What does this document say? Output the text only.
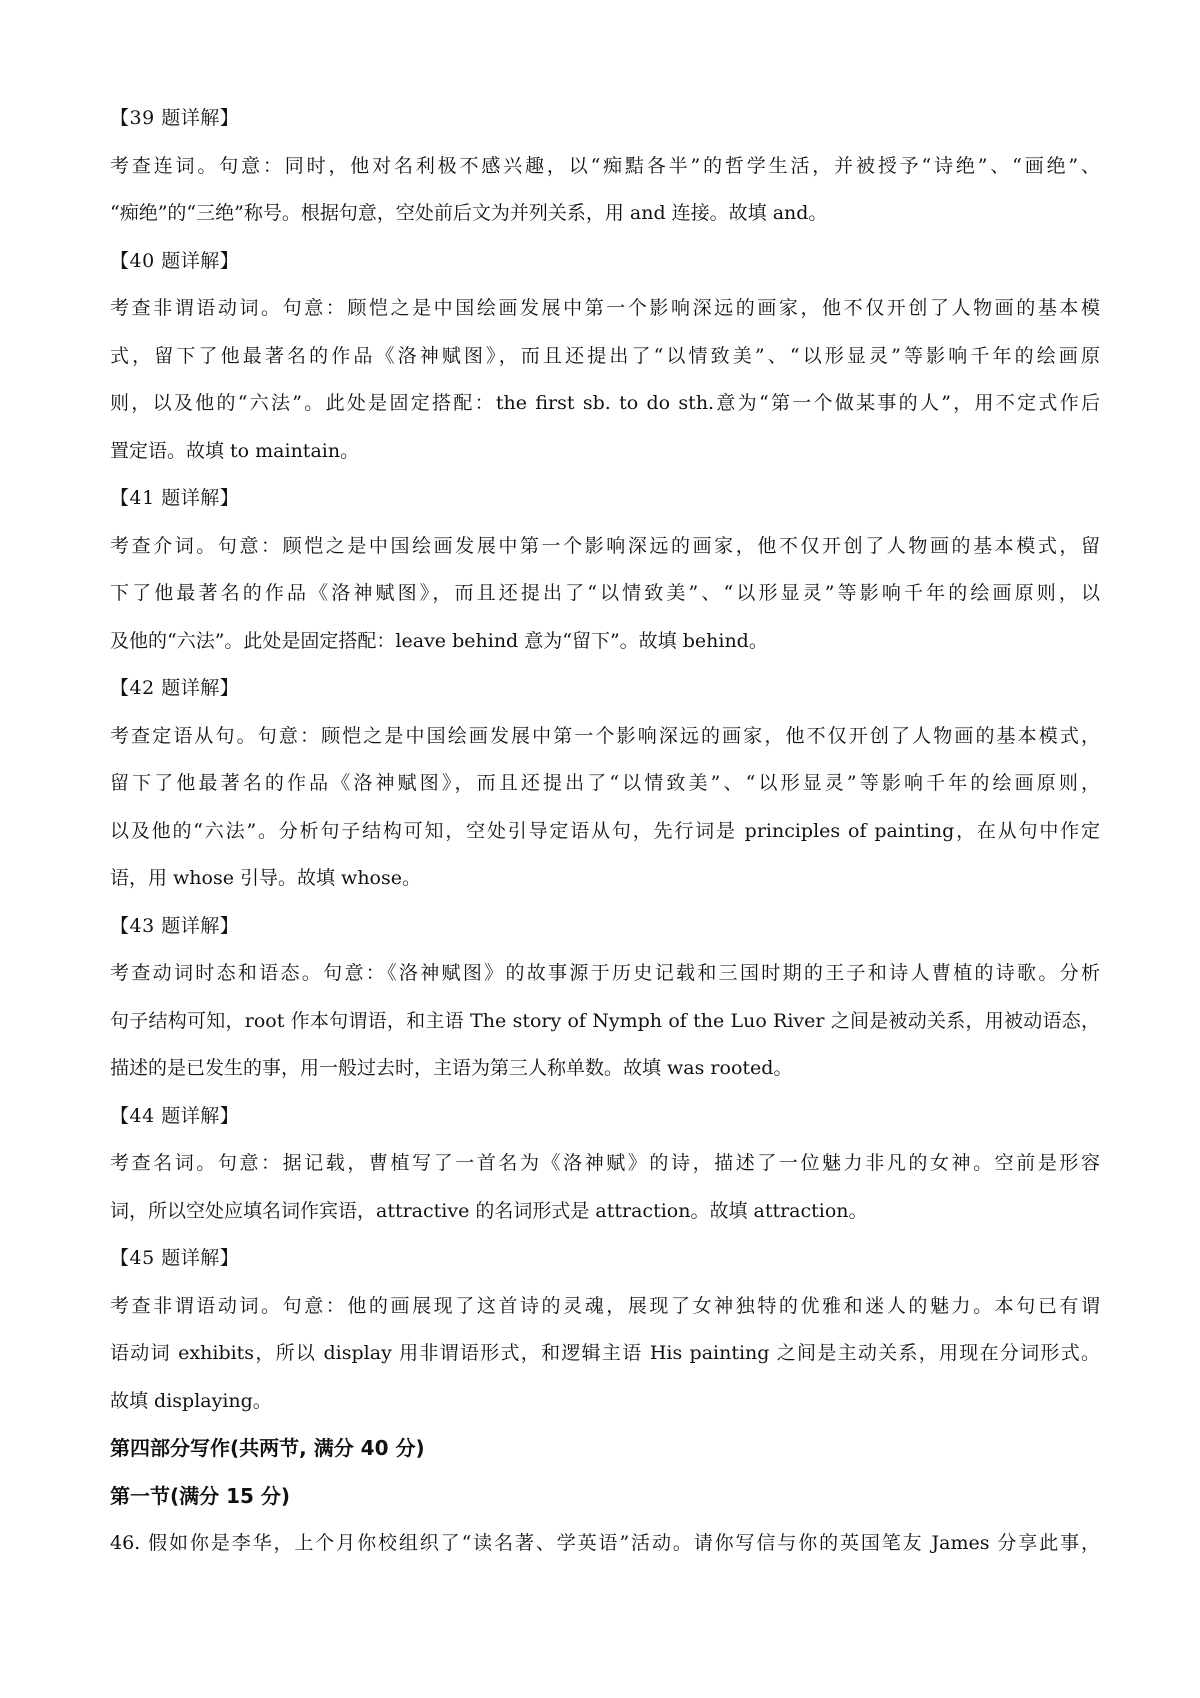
【39 题详解】
考查连词。句意：同时，他对名利极不感兴趣，以“痴黠各半”的哲学生活，并被授予“诗绝”、“画绝”、
“痴绝”的“三绝”称号。根据句意，空处前后文为并列关系，用 and 连接。故填 and。
【40 题详解】
考查非谓语动词。句意：顾恺之是中国绘画发展中第一个影响深远的画家，他不仅开创了人物画的基本模
式，留下了他最著名的作品《洛神赋图》，而且还提出了“以情致美”、“以形显灵”等影响千年的绘画原
则，以及他的“六法”。此处是固定搭配：the first sb. to do sth.意为“第一个做某事的人”，用不定式作后
置定语。故填 to maintain。
【41 题详解】
考查介词。句意：顾恺之是中国绘画发展中第一个影响深远的画家，他不仅开创了人物画的基本模式，留
下了他最著名的作品《洛神赋图》，而且还提出了“以情致美”、“以形显灵”等影响千年的绘画原则，以
及他的“六法”。此处是固定搭配：leave behind 意为“留下”。故填 behind。
【42 题详解】
考查定语从句。句意：顾恺之是中国绘画发展中第一个影响深远的画家，他不仅开创了人物画的基本模式，
留下了他最著名的作品《洛神赋图》，而且还提出了“以情致美”、“以形显灵”等影响千年的绘画原则，
以及他的“六法”。分析句子结构可知，空处引导定语从句，先行词是 principles of painting，在从句中作定
语，用 whose 引导。故填 whose。
【43 题详解】
考查动词时态和语态。句意：《洛神赋图》的故事源于历史记载和三国时期的王子和诗人曹植的诗歌。分析
句子结构可知，root 作本句谓语，和主语 The story of Nymph of the Luo River 之间是被动关系，用被动语态，
描述的是已发生的事，用一般过去时，主语为第三人称单数。故填 was rooted。
【44 题详解】
考查名词。句意：据记载，曹植写了一首名为《洛神赋》的诗，描述了一位魅力非凡的女神。空前是形容
词，所以空处应填名词作宾语，attractive 的名词形式是 attraction。故填 attraction。
【45 题详解】
考查非谓语动词。句意：他的画展现了这首诗的灵魂，展现了女神独特的优雅和迷人的魅力。本句已有谓
语动词 exhibits，所以 display 用非谓语形式，和逻辑主语 His painting 之间是主动关系，用现在分词形式。
故填 displaying。
第四部分写作(共两节, 满分 40 分)
第一节(满分 15 分)
46. 假如你是李华，上个月你校组织了“读名著、学英语”活动。请你写信与你的英国笔友 James 分享此事，
